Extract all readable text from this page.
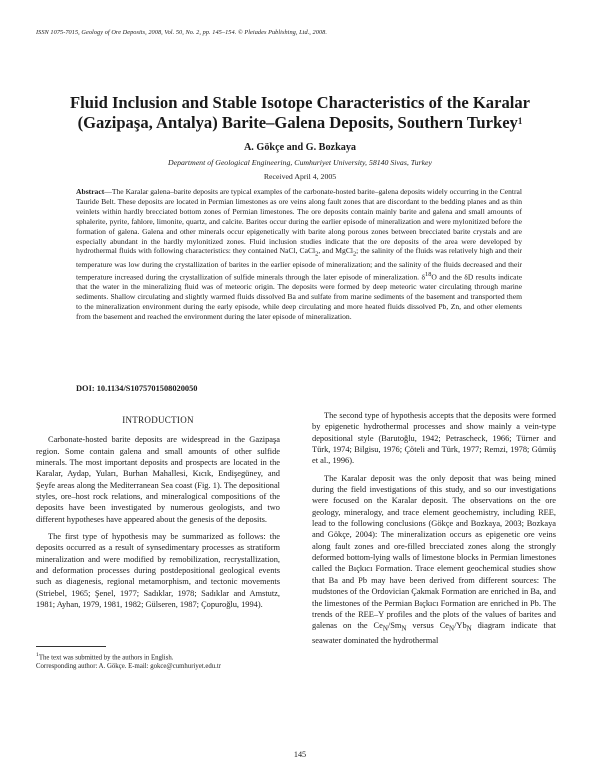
ISSN 1075-7015, Geology of Ore Deposits, 2008, Vol. 50, No. 2, pp. 145–154. © Pleiades Publishing, Ltd., 2008.
Fluid Inclusion and Stable Isotope Characteristics of the Karalar
(Gazipaşa, Antalya) Barite–Galena Deposits, Southern Turkey$^1$
A. Gökçe and G. Bozkaya
Department of Geological Engineering, Cumhuriyet University, 58140 Sivas, Turkey
Received April 4, 2005

Abstract—The Karalar galena–barite deposits are typical examples of the carbonate-hosted barite–galena deposits widely occurring in the Central Tauride Belt. These deposits are located in Permian limestones as ore veins along fault zones that are discordant to the bedding planes and as thin veinlets within hardly brecciated bottom zones of Permian limestones. The ore deposits contain mainly barite and galena and small amounts of sphalerite, pyrite, fahlore, limonite, quartz, and calcite. Barites occur during the earlier episode of mineralization and were mylonitized before the formation of galena. Galena and other minerals occur epigenetically with barite along porous zones between brecciated barite crystals and are especially abundant in the hardly mylonitized zones. Fluid inclusion studies indicate that the ore deposits of the area were developed by hydrothermal fluids with following characteristics: they contained NaCl, CaCl$_2$, and MgCl$_2$; the salinity of the fluids was relatively high and their temperature was low during the crystallization of barites in the earlier episode of mineralization; and the salinity of the fluids decreased and their temperature increased during the crystallization of sulfide minerals through the later episode of mineralization. $\delta^{18}O$ and the δD results indicate that the water in the mineralizing fluid was of meteoric origin. The deposits were formed by deep meteoric water circulating through marine sediments. Shallow circulating and slightly warmed fluids dissolved Ba and sulfate from marine sediments of the basement and transported them to the mineralization environment during the early episode, while deep circulating and more heated fluids dissolved Pb, Zn, and other elements from the basement and reached the environment during the later episode of mineralization.

DOI: 10.1134/S1075701508020050
INTRODUCTION

Carbonate-hosted barite deposits are widespread in the Gazipaşa region. Some contain galena and small amounts of other sulfide minerals. The most important deposits and prospects are located in the Karalar, Aydap, Yuları, Burhan Mahallesi, Kıcık, Endişegüney, and Şeyfe areas along the Mediterranean Sea coast (Fig. 1). The depositional styles, ore–host rock relations, and mineralogical compositions of the deposits have been investigated by numerous geologists, and two different hypotheses have appeared about the genesis of the deposits.

The first type of hypothesis may be summarized as follows: the deposits occurred as a result of synsedimentary processes as stratiform mineralization and were modified by remobilization, recrystallization, and deformation processes during postdepositional geological events such as diagenesis, regional metamorphism, and tectonic movements (Striebel, 1965; Şenel, 1977; Sadıklar, 1978; Sadıklar and Amstutz, 1981; Ayhan, 1979, 1981, 1982; Gülseren, 1987; Çopuroğlu, 1994).

The second type of hypothesis accepts that the deposits were formed by epigenetic hydrothermal processes and show mainly a vein-type depositional style (Barutoğlu, 1942; Petrascheck, 1966; Türner and Türk, 1974; Bilgisu, 1976; Çöteli and Türk, 1977; Remzi, 1978; Gümüş et al., 1996).

The Karalar deposit was the only deposit that was being mined during the field investigations of this study, and so our investigations were focused on the Karalar deposit. The observations on the ore geology, mineralogy, and trace element geochemistry, including REE, lead to the following conclusions (Gökçe and Bozkaya, 2003; Bozkaya and Gökçe, 2004): The mineralization occurs as epigenetic ore veins along fault zones and ore-filled brecciated zones along the strongly deformed bottom-lying walls of limestone blocks in Permian limestones called the Bıçkıcı Formation. Trace element geochemical studies show that Ba and Pb may have been derived from different sources: The mudstones of the Ordovician Çakmak Formation are enriched in Ba, and the limestones of the Permian Bıçkıcı Formation are enriched in Pb. The trends of the REE–Y profiles and the plots of the values of barites and galenas on the $Ce_N/Sm_N$ versus $Ce_N/Yb_N$ diagram indicate that seawater dominated the hydrothermal

$^1$The text was submitted by the authors in English.

Corresponding author: A. Gökçe. E-mail: gokce@cumhuriyet.edu.tr

145
